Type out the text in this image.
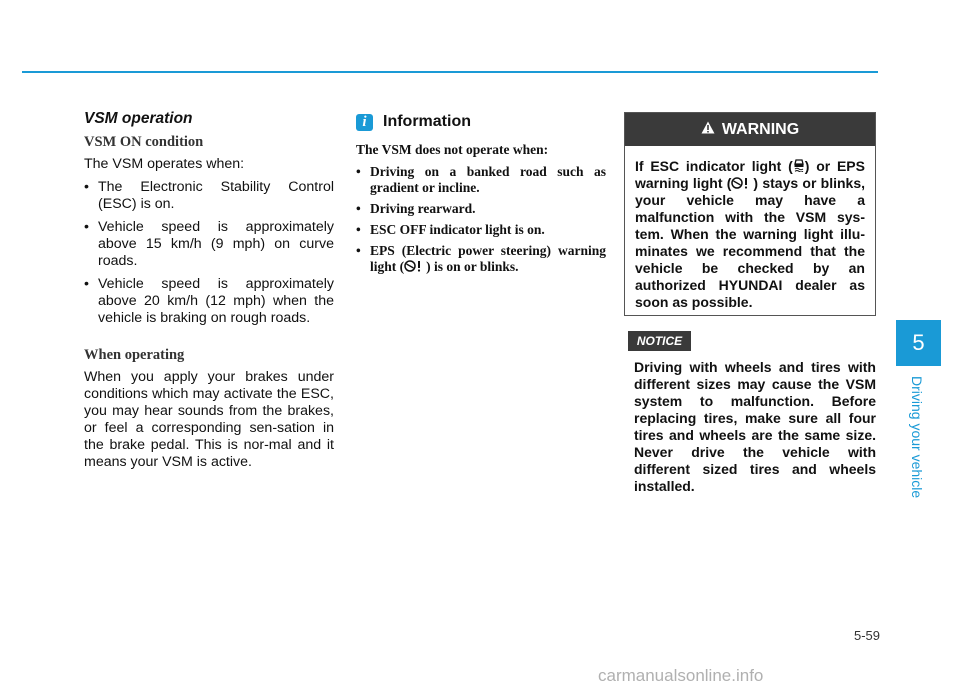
VSM operation
VSM ON condition

The VSM operates when:

• The Electronic Stability Control (ESC) is on.
• Vehicle speed is approximately above 15 km/h (9 mph) on curve roads.
• Vehicle speed is approximately above 20 km/h (12 mph) when the vehicle is braking on rough roads.
When operating
When you apply your brakes under conditions which may activate the ESC, you may hear sounds from the brakes, or feel a corresponding sen-sation in the brake pedal. This is nor-mal and it means your VSM is active.
i	Information

The VSM does not operate when:

• Driving on a banked road such as gradient or incline.
• Driving rearward.
• ESC OFF indicator light is on.
• EPS (Electric power steering) warning light ( ) is on or blinks.
WARNING
If ESC indicator light ( ) or EPS warning light ( ) stays or blinks, your vehicle may have a malfunction with the VSM sys-tem. When the warning light illu-minates we recommend that the vehicle be checked by an authorized HYUNDAI dealer as soon as possible.
NOTICE
Driving with wheels and tires with different sizes may cause the VSM system to malfunction. Before replacing tires, make sure all four tires and wheels are the same size. Never drive the vehicle with different sized tires and wheels installed.
5
Driving your vehicle
5-59
carmanualsonline.info
